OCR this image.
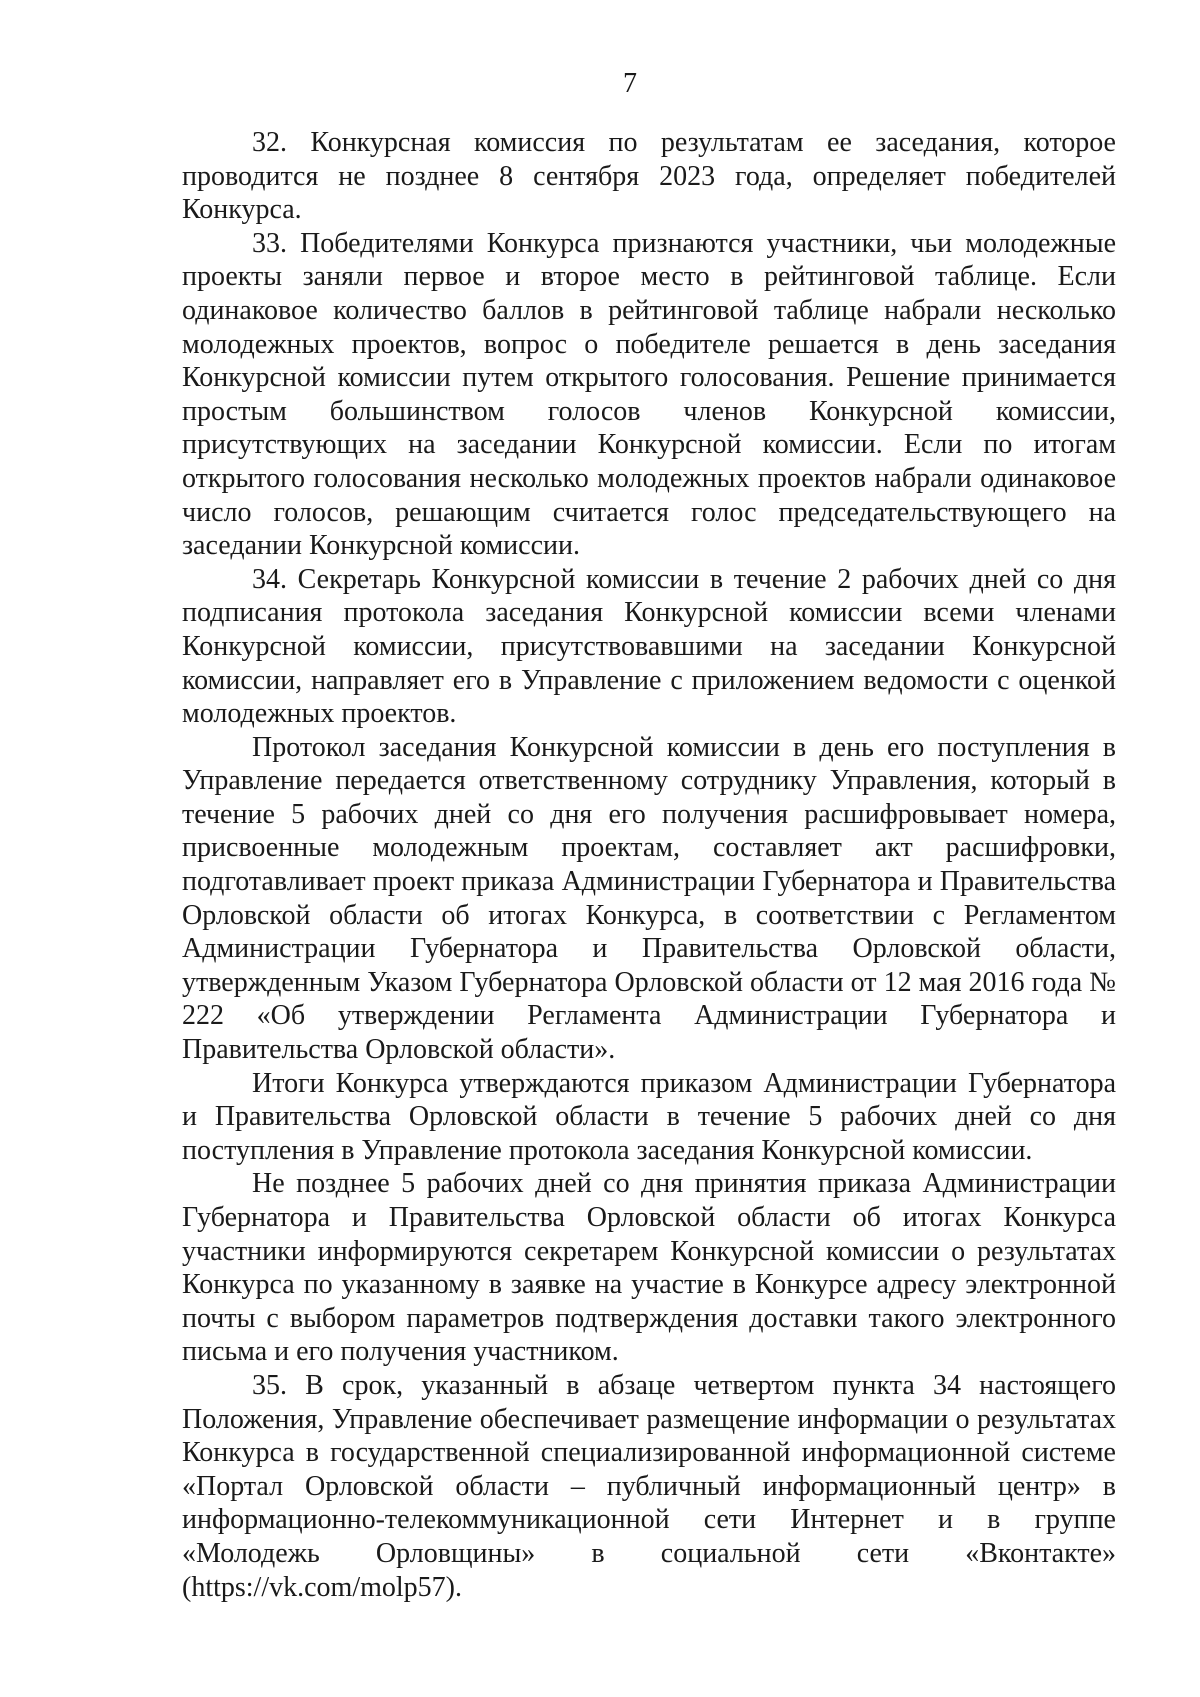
7

32. Конкурсная комиссия по результатам ее заседания, которое проводится не позднее 8 сентября 2023 года, определяет победителей Конкурса.

33. Победителями Конкурса признаются участники, чьи молодежные проекты заняли первое и второе место в рейтинговой таблице. Если одинаковое количество баллов в рейтинговой таблице набрали несколько молодежных проектов, вопрос о победителе решается в день заседания Конкурсной комиссии путем открытого голосования. Решение принимается простым большинством голосов членов Конкурсной комиссии, присутствующих на заседании Конкурсной комиссии. Если по итогам открытого голосования несколько молодежных проектов набрали одинаковое число голосов, решающим считается голос председательствующего на заседании Конкурсной комиссии.

34. Секретарь Конкурсной комиссии в течение 2 рабочих дней со дня подписания протокола заседания Конкурсной комиссии всеми членами Конкурсной комиссии, присутствовавшими на заседании Конкурсной комиссии, направляет его в Управление с приложением ведомости с оценкой молодежных проектов.

Протокол заседания Конкурсной комиссии в день его поступления в Управление передается ответственному сотруднику Управления, который в течение 5 рабочих дней со дня его получения расшифровывает номера, присвоенные молодежным проектам, составляет акт расшифровки, подготавливает проект приказа Администрации Губернатора и Правительства Орловской области об итогах Конкурса, в соответствии с Регламентом Администрации Губернатора и Правительства Орловской области, утвержденным Указом Губернатора Орловской области от 12 мая 2016 года № 222 «Об утверждении Регламента Администрации Губернатора и Правительства Орловской области».

Итоги Конкурса утверждаются приказом Администрации Губернатора и Правительства Орловской области в течение 5 рабочих дней со дня поступления в Управление протокола заседания Конкурсной комиссии.

Не позднее 5 рабочих дней со дня принятия приказа Администрации Губернатора и Правительства Орловской области об итогах Конкурса участники информируются секретарем Конкурсной комиссии о результатах Конкурса по указанному в заявке на участие в Конкурсе адресу электронной почты с выбором параметров подтверждения доставки такого электронного письма и его получения участником.

35. В срок, указанный в абзаце четвертом пункта 34 настоящего Положения, Управление обеспечивает размещение информации о результатах Конкурса в государственной специализированной информационной системе «Портал Орловской области – публичный информационный центр» в информационно-телекоммуникационной сети Интернет и в группе «Молодежь Орловщины» в социальной сети «Вконтакте» (https://vk.com/molp57).
